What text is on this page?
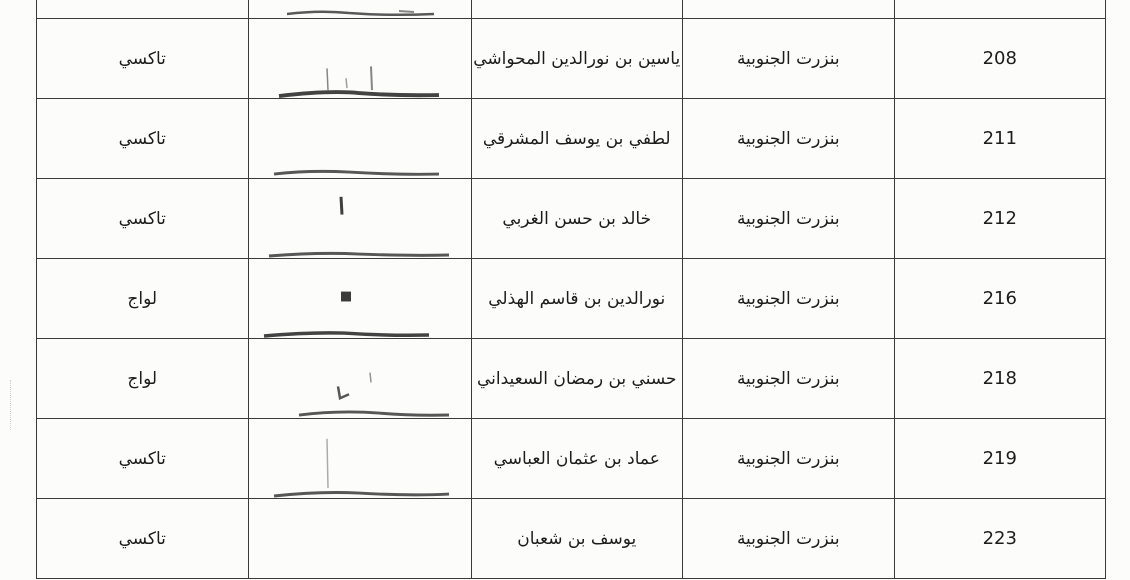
تاكسي		ياسين بن نورالدين المحواشي	بنزرت الجنوبية	208
تاكسي		لطفي بن يوسف المشرقي	بنزرت الجنوبية	211
تاكسي		خالد بن حسن الغربي	بنزرت الجنوبية	212
لواج		نورالدين بن قاسم الهذلي	بنزرت الجنوبية	216
لواج		حسني بن رمضان السعيداني	بنزرت الجنوبية	218
تاكسي		عماد بن عثمان العباسي	بنزرت الجنوبية	219
تاكسي		يوسف بن شعبان	بنزرت الجنوبية	223
